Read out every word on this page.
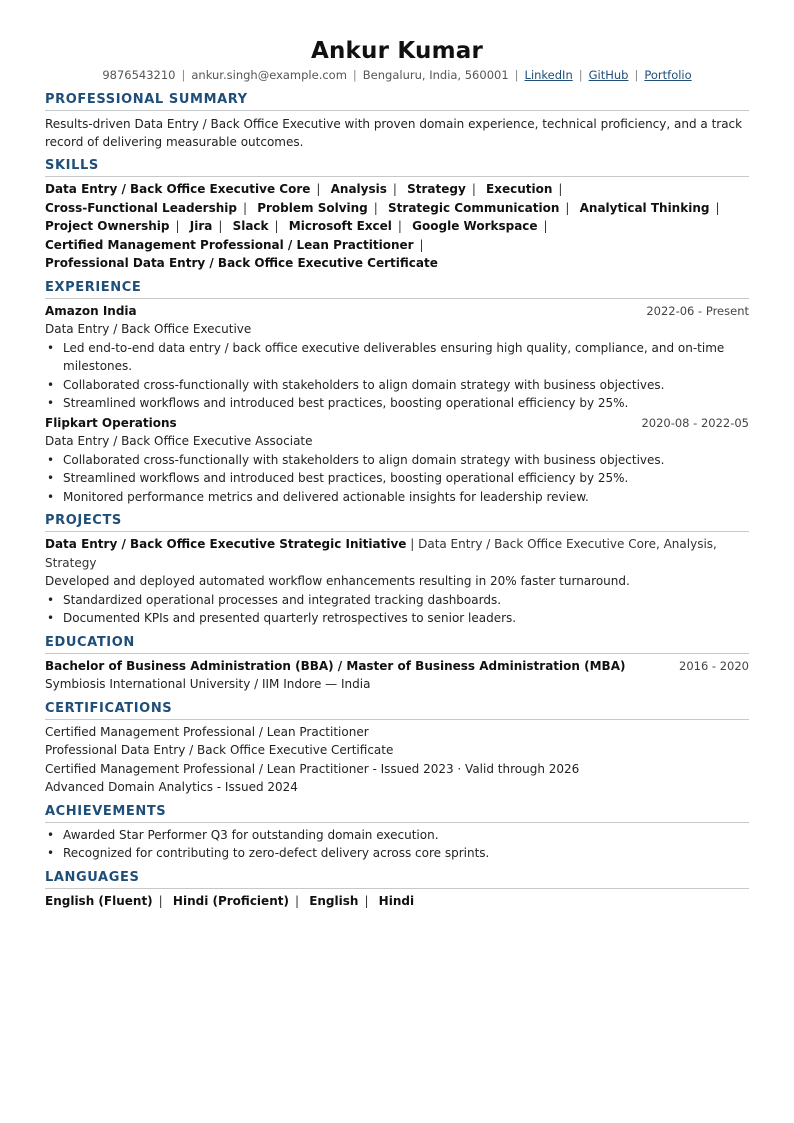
Ankur Kumar
9876543210 | ankur.singh@example.com | Bengaluru, India, 560001 | LinkedIn | GitHub | Portfolio
PROFESSIONAL SUMMARY
Results-driven Data Entry / Back Office Executive with proven domain experience, technical proficiency, and a track record of delivering measurable outcomes.
SKILLS
Data Entry / Back Office Executive Core | Analysis | Strategy | Execution | Cross-Functional Leadership | Problem Solving | Strategic Communication | Analytical Thinking | Project Ownership | Jira | Slack | Microsoft Excel | Google Workspace | Certified Management Professional / Lean Practitioner | Professional Data Entry / Back Office Executive Certificate
EXPERIENCE
Amazon India	2022-06 - Present
Data Entry / Back Office Executive
• Led end-to-end data entry / back office executive deliverables ensuring high quality, compliance, and on-time milestones.
• Collaborated cross-functionally with stakeholders to align domain strategy with business objectives.
• Streamlined workflows and introduced best practices, boosting operational efficiency by 25%.
Flipkart Operations	2020-08 - 2022-05
Data Entry / Back Office Executive Associate
• Collaborated cross-functionally with stakeholders to align domain strategy with business objectives.
• Streamlined workflows and introduced best practices, boosting operational efficiency by 25%.
• Monitored performance metrics and delivered actionable insights for leadership review.
PROJECTS
Data Entry / Back Office Executive Strategic Initiative | Data Entry / Back Office Executive Core, Analysis, Strategy
Developed and deployed automated workflow enhancements resulting in 20% faster turnaround.
• Standardized operational processes and integrated tracking dashboards.
• Documented KPIs and presented quarterly retrospectives to senior leaders.
EDUCATION
Bachelor of Business Administration (BBA) / Master of Business Administration (MBA)	2016 - 2020
Symbiosis International University / IIM Indore — India
CERTIFICATIONS
Certified Management Professional / Lean Practitioner
Professional Data Entry / Back Office Executive Certificate
Certified Management Professional / Lean Practitioner - Issued 2023 · Valid through 2026
Advanced Domain Analytics - Issued 2024
ACHIEVEMENTS
• Awarded Star Performer Q3 for outstanding domain execution.
• Recognized for contributing to zero-defect delivery across core sprints.
LANGUAGES
English (Fluent) | Hindi (Proficient) | English | Hindi
